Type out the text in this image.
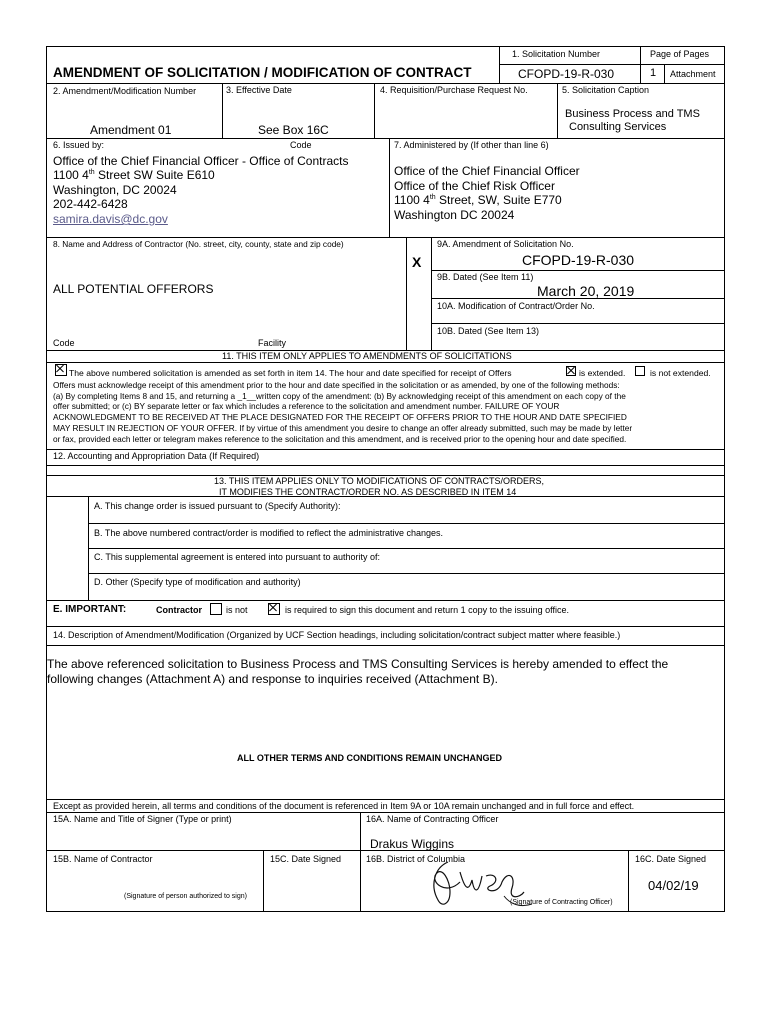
AMENDMENT OF SOLICITATION / MODIFICATION OF CONTRACT
1. Solicitation Number
CFOPD-19-R-030
Page of Pages
1 Attachment
2. Amendment/Modification Number
Amendment 01
3. Effective Date
See Box 16C
4. Requisition/Purchase Request No.	5. Solicitation Caption
Business Process and TMS
Consulting Services
6. Issued by:	Code
Office of the Chief Financial Officer - Office of Contracts
1100 4th Street SW Suite E610
Washington, DC 20024
202-442-6428
samira.davis@dc.gov
7. Administered by (If other than line 6)
Office of the Chief Financial Officer
Office of the Chief Risk Officer
1100 4th Street, SW, Suite E770
Washington DC 20024
8. Name and Address of Contractor (No. street, city, county, state and zip code)
ALL POTENTIAL OFFERORS
Code	Facility
X
9A. Amendment of Solicitation No.
CFOPD-19-R-030
9B. Dated (See Item 11)
March 20, 2019
10A. Modification of Contract/Order No.
10B. Dated (See Item 13)
11. THIS ITEM ONLY APPLIES TO AMENDMENTS OF SOLICITATIONS
The above numbered solicitation is amended as set forth in item 14. The hour and date specified for receipt of Offers	is extended.	is not extended.
Offers must acknowledge receipt of this amendment prior to the hour and date specified in the solicitation or as amended, by one of the following methods:
(a) By completing Items 8 and 15, and returning a _1__written copy of the amendment: (b) By acknowledging receipt of this amendment on each copy of the
offer submitted; or (c) BY separate letter or fax which includes a reference to the solicitation and amendment number. FAILURE OF YOUR
ACKNOWLEDGMENT TO BE RECEIVED AT THE PLACE DESIGNATED FOR THE RECEIPT OF OFFERS PRIOR TO THE HOUR AND DATE SPECIFIED
MAY RESULT IN REJECTION OF YOUR OFFER. If by virtue of this amendment you desire to change an offer already submitted, such may be made by letter
or fax, provided each letter or telegram makes reference to the solicitation and this amendment, and is received prior to the opening hour and date specified.
12. Accounting and Appropriation Data (If Required)
13. THIS ITEM APPLIES ONLY TO MODIFICATIONS OF CONTRACTS/ORDERS,
IT MODIFIES THE CONTRACT/ORDER NO. AS DESCRIBED IN ITEM 14
A. This change order is issued pursuant to (Specify Authority):
B. The above numbered contract/order is modified to reflect the administrative changes.
C. This supplemental agreement is entered into pursuant to authority of:
D. Other (Specify type of modification and authority)
E. IMPORTANT:	Contractor	is not	is required to sign this document and return 1 copy to the issuing office.
14. Description of Amendment/Modification (Organized by UCF Section headings, including solicitation/contract subject matter where feasible.)
The above referenced solicitation to Business Process and TMS Consulting Services is hereby amended to effect the
following changes (Attachment A) and response to inquiries received (Attachment B).
ALL OTHER TERMS AND CONDITIONS REMAIN UNCHANGED
Except as provided herein, all terms and conditions of the document is referenced in Item 9A or 10A remain unchanged and in full force and effect.
15A. Name and Title of Signer (Type or print)	16A. Name of Contracting Officer
Drakus Wiggins
15B. Name of Contractor	15C. Date Signed	16B. District of Columbia	16C. Date Signed
04/02/19
(Signature of person authorized to sign)
(Signature of Contracting Officer)
